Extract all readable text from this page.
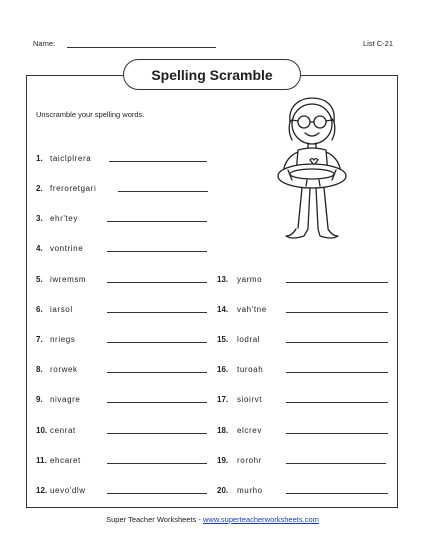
Name:	List C-21
Spelling Scramble
Unscramble your spelling words.
1. taiclplrera
2. freroretgari
3. ehr'tey
4. vontrine
5. iwremsm
6. iarsol
7. nriegs
8. rorwek
9. nivagre
10. cenrat
11. ehcaret
12. uevo'dlw
13.	yarmo
14.	vah'tne
15.	lodral
16.	turoah
17.	sioirvt
18.	elcrev
19.	rorohr
20.	murho
Super Teacher Worksheets - www.superteacherworksheets.com
